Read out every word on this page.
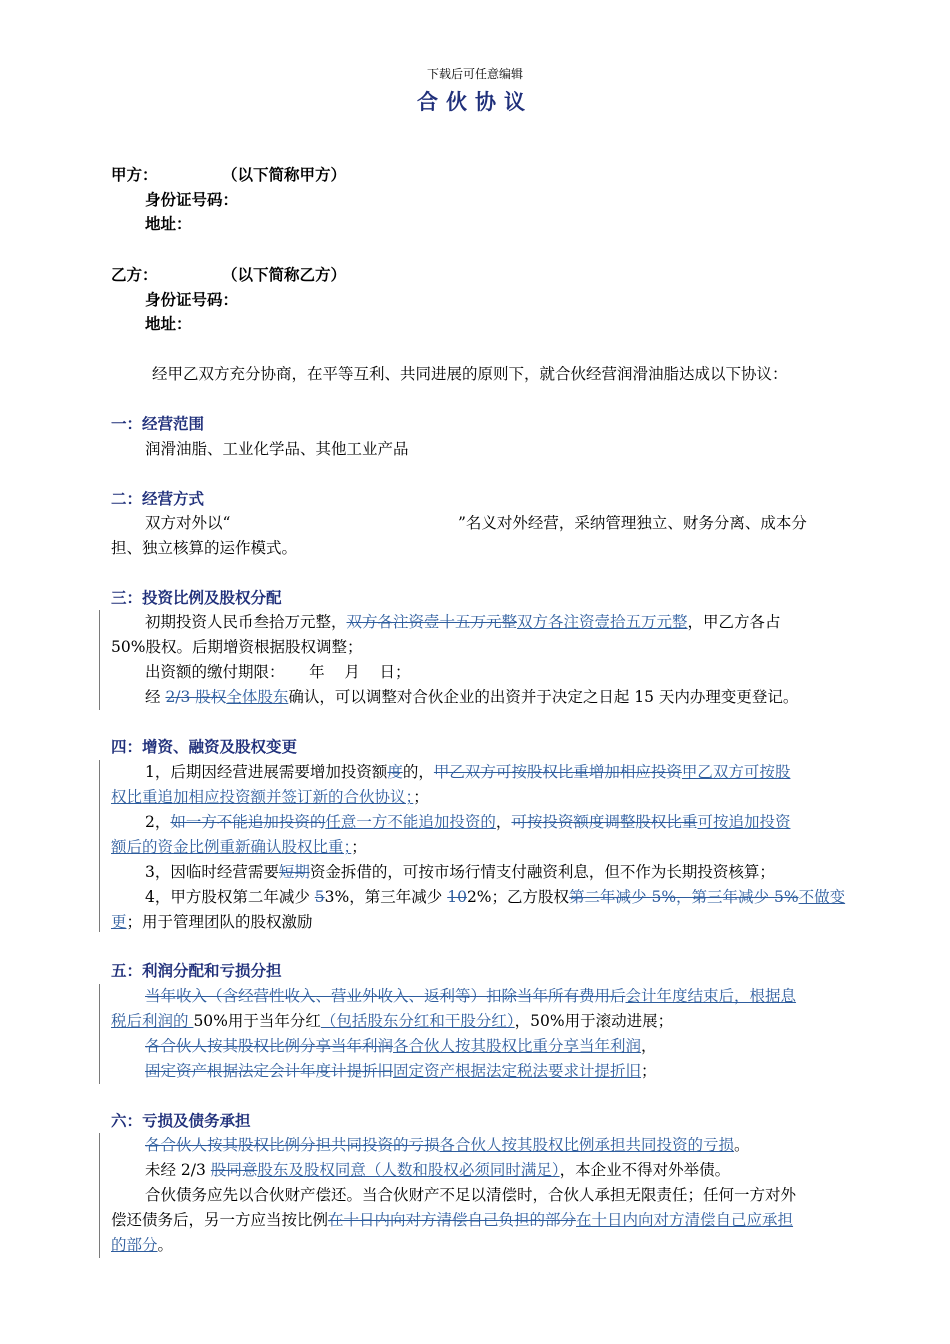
下载后可任意编辑
合伙协议
甲方：	（以下简称甲方）
身份证号码：
地址：
乙方：	（以下简称乙方）
身份证号码：
地址：
经甲乙双方充分协商，在平等互利、共同进展的原则下，就合伙经营润滑油脂达成以下协议：
一：经营范围
润滑油脂、工业化学品、其他工业产品
二：经营方式
双方对外以“	”名义对外经营，采纳管理独立、财务分离、成本分
担、独立核算的运作模式。
三：投资比例及股权分配
初期投资人民币叁拾万元整，双方各注资壹十五万元整双方各注资壹拾五万元整，甲乙方各占
50%股权。后期增资根据股权调整；
出资额的缴付期限：     年    月    日；
经 2/3 股权全体股东确认，可以调整对合伙企业的出资并于决定之日起 15 天内办理变更登记。
四：增资、融资及股权变更
1，后期因经营进展需要增加投资额度的，甲乙双方可按股权比重增加相应投资甲乙双方可按股
权比重追加相应投资额并签订新的合伙协议；；
2，如一方不能追加投资的任意一方不能追加投资的，可按投资额度调整股权比重可按追加投资
额后的资金比例重新确认股权比重；；
3，因临时经营需要短期资金拆借的，可按市场行情支付融资利息，但不作为长期投资核算；
4，甲方股权第二年减少 53%，第三年减少 102%；乙方股权第二年减少 5%，第三年减少 5%不做变
更；用于管理团队的股权激励
五：利润分配和亏损分担
当年收入（含经营性收入、营业外收入、返利等）扣除当年所有费用后会计年度结束后，根据息
税后利润的 50%用于当年分红（包括股东分红和干股分红），50%用于滚动进展；
各合伙人按其股权比例分享当年利润各合伙人按其股权比重分享当年利润，
固定资产根据法定会计年度计提折旧固定资产根据法定税法要求计提折旧；
六：亏损及债务承担
各合伙人按其股权比例分担共同投资的亏损各合伙人按其股权比例承担共同投资的亏损。
未经 2/3 股同意股东及股权同意（人数和股权必须同时满足），本企业不得对外举债。
合伙债务应先以合伙财产偿还。当合伙财产不足以清偿时，合伙人承担无限责任；任何一方对外
偿还债务后，另一方应当按比例在十日内向对方清偿自己负担的部分在十日内向对方清偿自己应承担
的部分。
